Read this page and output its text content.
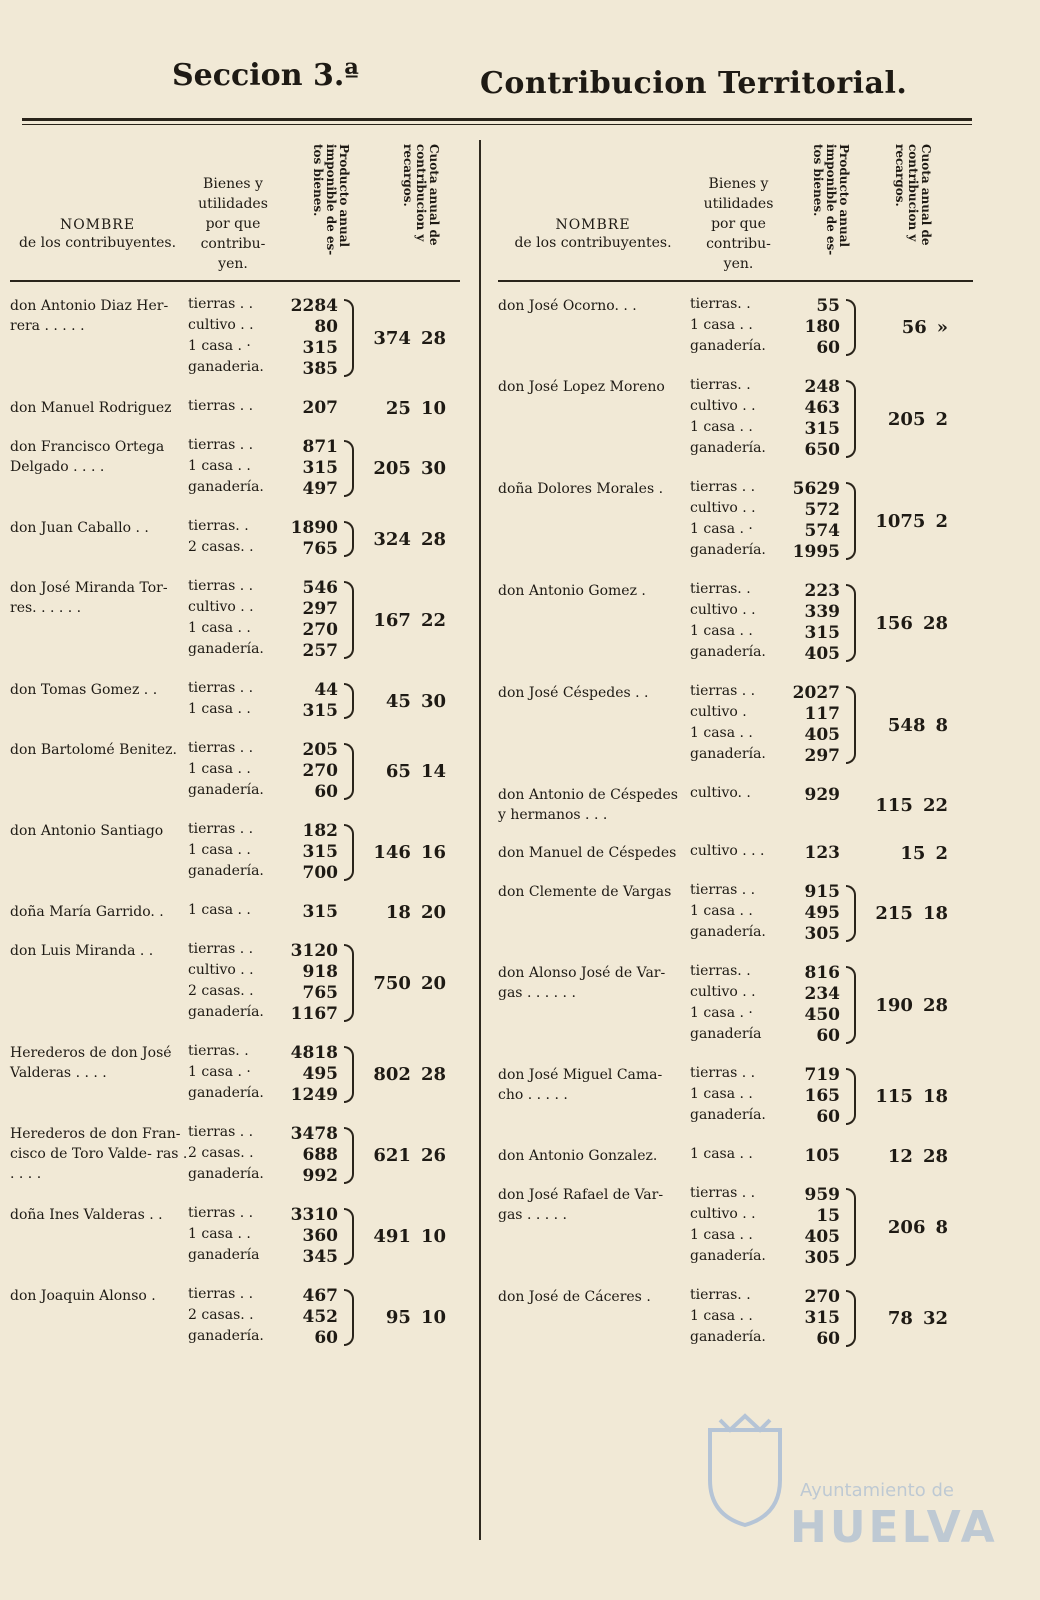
Seccion 3.ª	Contribucion Territorial.
NOMBRE
de los contribuyentes.
Bienes y
utilidades
por que
contribu-
yen.
Producto anual imponible de es- tos bienes.	Cuota anual de contribucion y recargos.
don Antonio Diaz Her- rera . . . . .
tierras . .	2284
cultivo . .	80
1 casa . ·	315
ganaderia.	385
374 28
don Manuel Rodriguez	tierras . .	207	25 10
don Francisco Ortega Delgado . . . .
tierras . .	871
1 casa . .	315
ganadería.	497
205 30
don Juan Caballo . .	tierras. .	1890
2 casas. .	765 324 28
don José Miranda Tor- res. . . . . .
tierras . .	546
cultivo . .	297
1 casa . .	270
ganadería.	257
167 22
don Tomas Gomez . .	tierras . .	44
1 casa . .	315	45 30
don Bartolomé Benitez. tierras . .	205
1 casa . .	270
ganadería.	60
65 14
don Antonio Santiago	tierras . .	182
1 casa . .	315
ganadería.	700
146 16
doña María Garrido. .	1 casa . .	315	18 20
don Luis Miranda . .	tierras . .	3120
cultivo . .	918
2 casas. .	765
ganadería.	1167
750 20
Herederos de don José Valderas . . . .
tierras. .	4818
1 casa . ·	495
ganadería.	1249
802 28
Herederos de don Fran- cisco de Toro Valde- ras . . . . .
tierras . .	3478
2 casas. .	688
ganadería.	992
621 26
doña Ines Valderas . .	tierras . .	3310
1 casa . .	360
ganadería	345
491 10
don Joaquin Alonso .	tierras . .	467
2 casas. .	452
ganadería.	60
95 10
NOMBRE
de los contribuyentes.
Bienes y
utilidades
por que
contribu-
yen.
Producto anual imponible de es- tos bienes.	Cuota anual de contribucion y recargos.
don José Ocorno. . .	tierras. .	55
1 casa . .	180
ganadería.	60
56 »
don José Lopez Moreno	tierras. .	248
cultivo . .	463
1 casa . .	315
ganadería.	650
205 2
doña Dolores Morales .	tierras . .	5629
cultivo . .	572
1 casa . ·	574
ganadería.	1995
1075 2
don Antonio Gomez .	tierras. .	223
cultivo . .	339
1 casa . .	315
ganadería.	405
156 28
don José Céspedes . .	tierras . .	2027
cultivo .	117
1 casa . .	405
ganadería.	297
548 8
don Antonio de Céspedes y hermanos . . .
cultivo. .	929 115 22
don Manuel de Céspedes cultivo . . .	123	15 2
don Clemente de Vargas	tierras . .	915
1 casa . .	495
ganadería.	305
215 18
don Alonso José de Var- gas . . . . . .
tierras. .	816
cultivo . .	234
1 casa . ·	450
ganadería	60
190 28
don José Miguel Cama- cho . . . . .
tierras . .	719
1 casa . .	165
ganadería.	60
115 18
don Antonio Gonzalez.	1 casa . .	105	12 28
don José Rafael de Var- gas . . . . .
tierras . .	959
cultivo . .	15
1 casa . .	405
ganadería.	305
206 8
don José de Cáceres .	tierras. .	270
1 casa . .	315
ganadería.	60
78 32
Ayuntamiento de
HUELVA
